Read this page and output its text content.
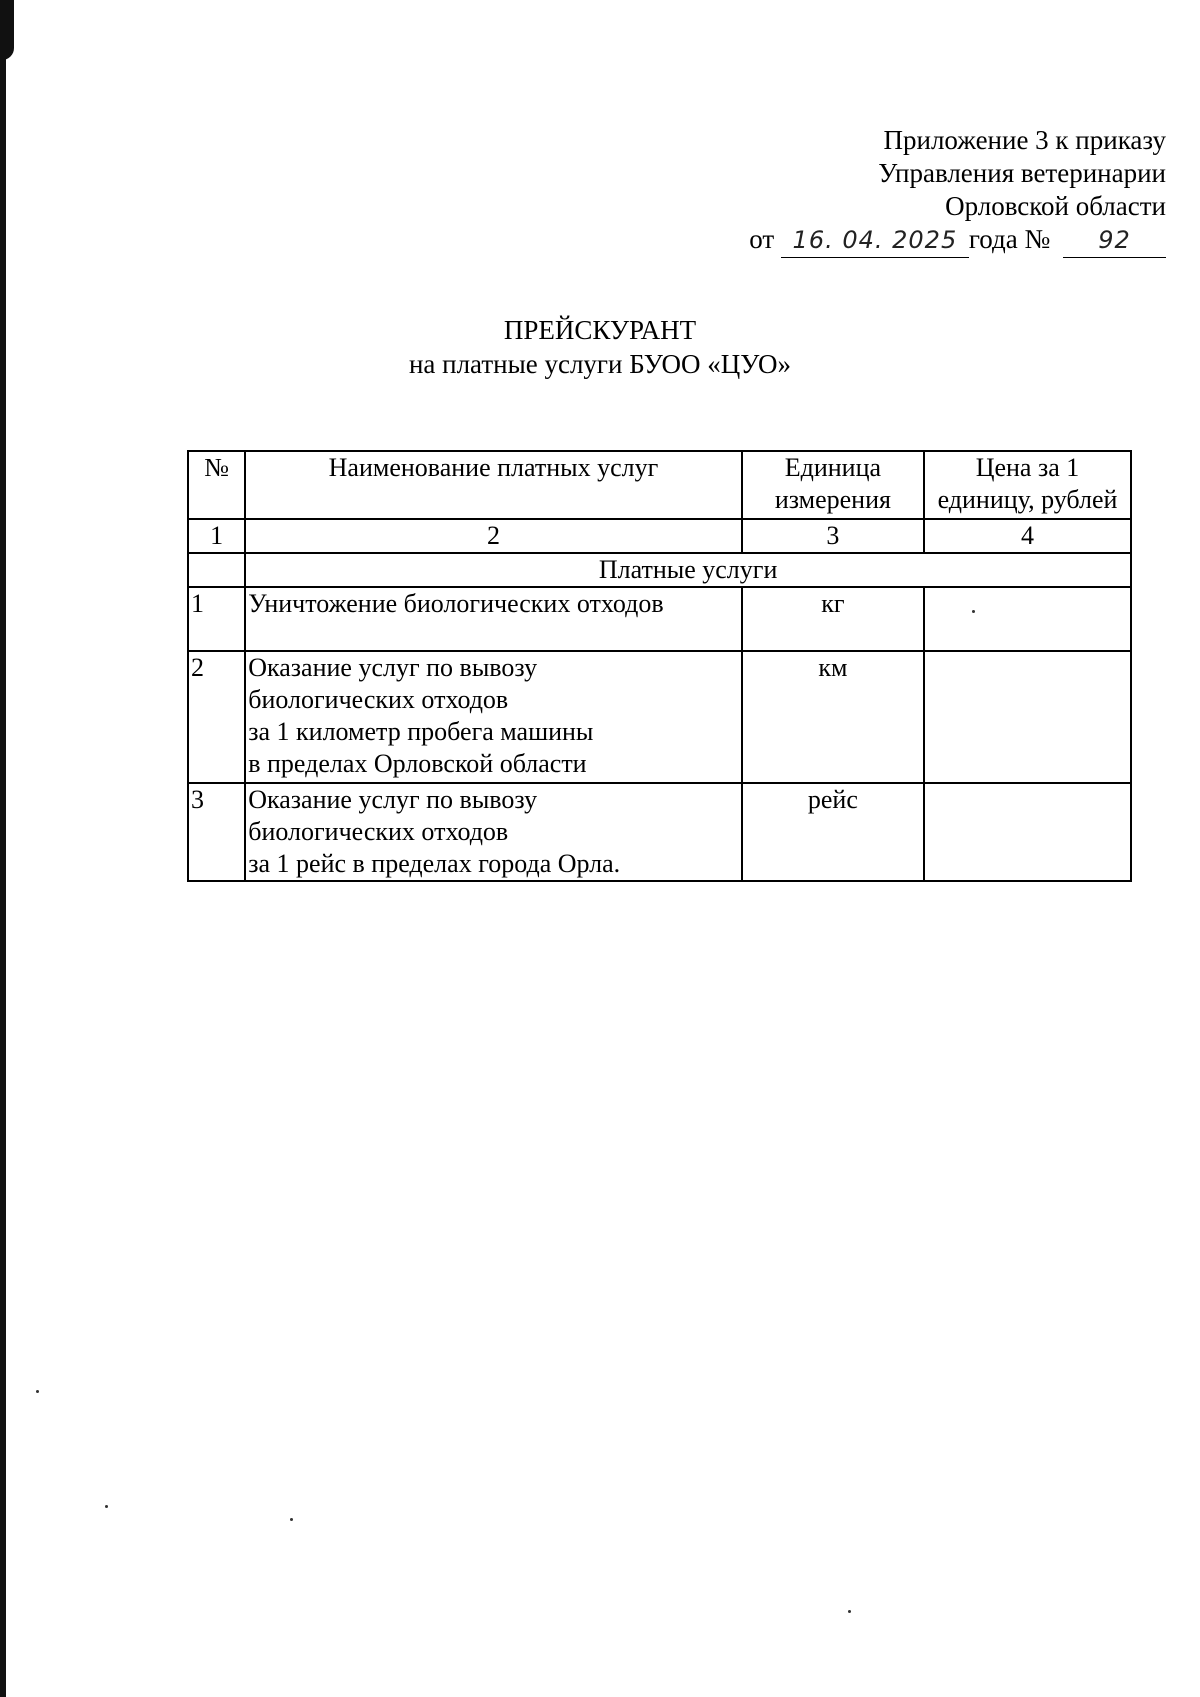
Приложение 3 к приказу
Управления ветеринарии
Орловской области
от 16. 04. 2025 года № 92
ПРЕЙСКУРАНТ
на платные услуги БУОО «ЦУО»
№	Наименование платных услуг	Единица измерения	Цена за 1 единицу, рублей
1	2	3	4
	Платные услуги		
1	Уничтожение биологических отходов	кг	
2	Оказание услуг по вывозу
биологических отходов
за 1 километр пробега машины
в пределах Орловской области	км	
3	Оказание услуг по вывозу
биологических отходов
за 1 рейс в пределах города Орла.	рейс	
